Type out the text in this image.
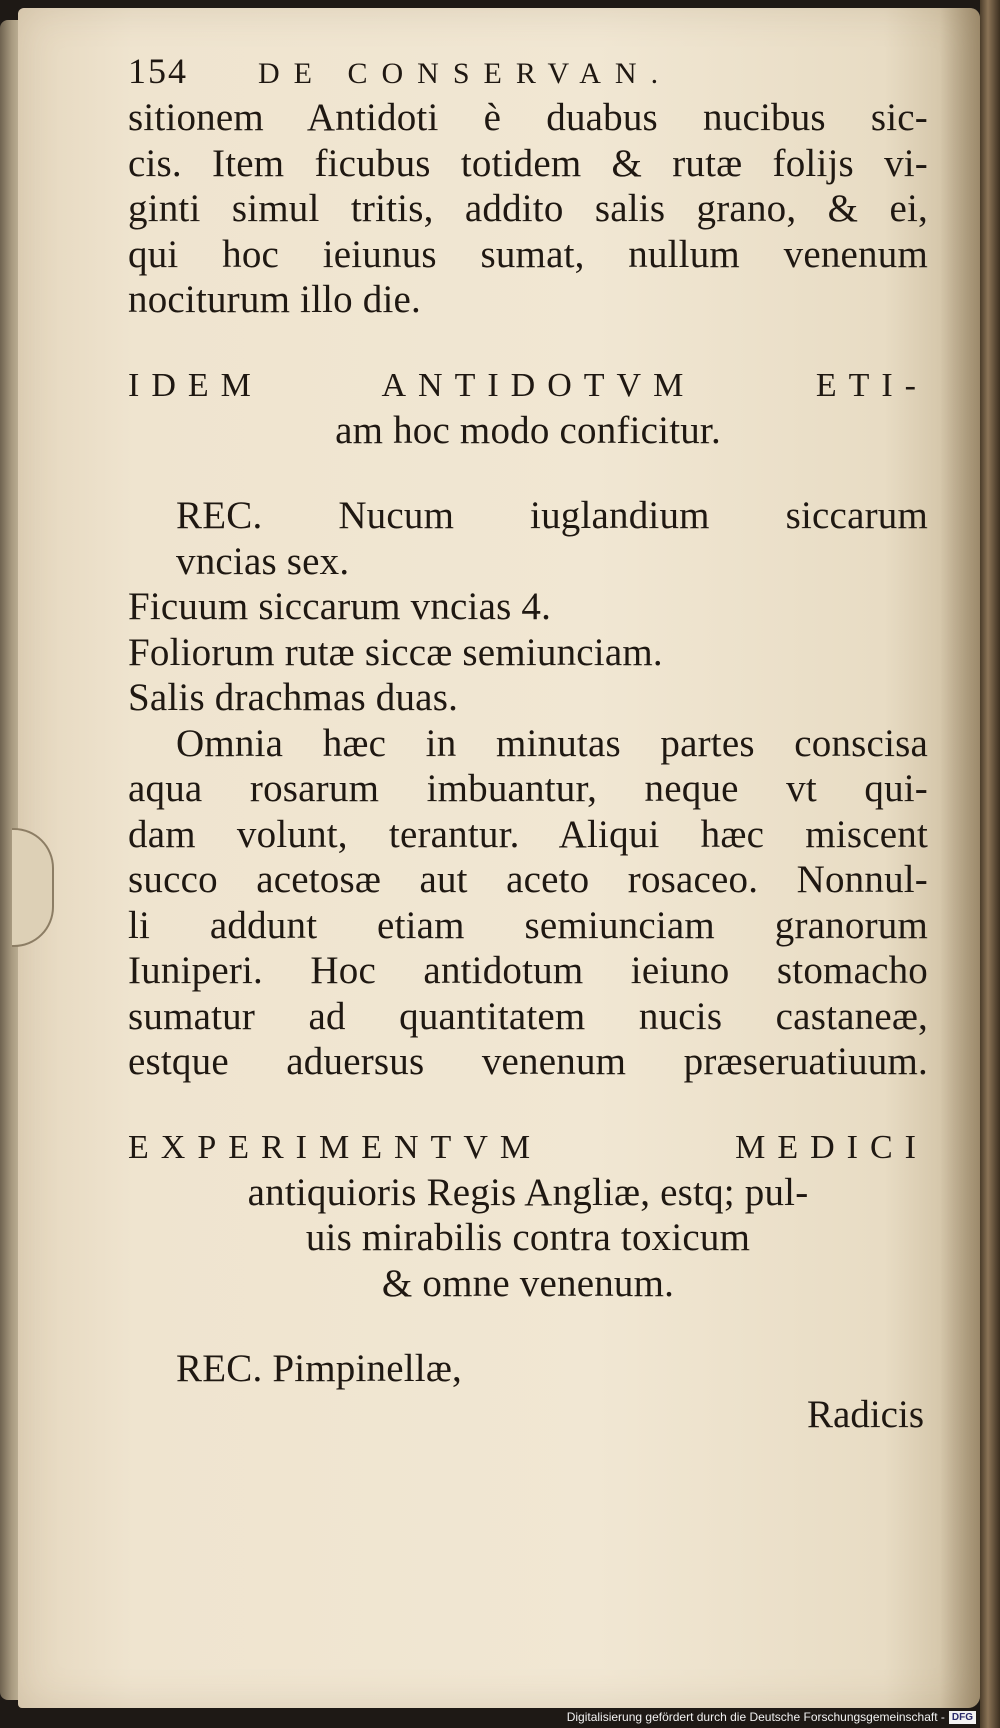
154	DE CONSERVAN.
sitionem Antidoti è duabus nucibus sic-
cis. Item ficubus totidem & rutæ folijs vi-
ginti simul tritis, addito salis grano, & ei,
qui hoc ieiunus sumat, nullum venenum
nociturum illo die.
IDEM ANTIDOTVM ETI-
am hoc modo conficitur.
REC. Nucum iuglandium siccarum
vncias sex.
Ficuum siccarum vncias 4.
Foliorum rutæ siccæ semiunciam.
Salis drachmas duas.
Omnia hæc in minutas partes conscisa
aqua rosarum imbuantur, neque vt qui-
dam volunt, terantur. Aliqui hæc miscent
succo acetosæ aut aceto rosaceo. Nonnul-
li addunt etiam semiunciam granorum
Iuniperi. Hoc antidotum ieiuno stomacho
sumatur ad quantitatem nucis castaneæ,
estque aduersus venenum præseruatiuum.
EXPERIMENTVM MEDICI
antiquioris Regis Angliæ, estq; pul-
uis mirabilis contra toxicum
& omne venenum.
REC. Pimpinellæ,
Radicis
Digitalisierung gefördert durch die Deutsche Forschungsgemeinschaft - DFG
